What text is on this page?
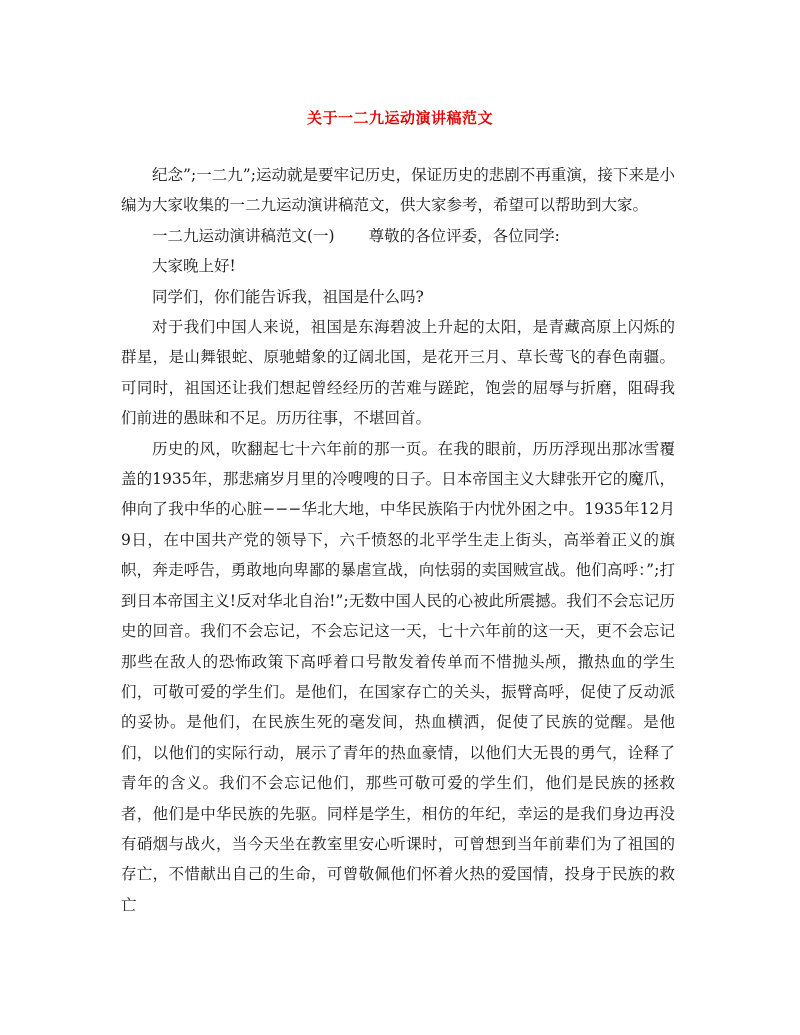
关于一二九运动演讲稿范文

纪念”;一二九”;运动就是要牢记历史，保证历史的悲剧不再重演，接下来是小编为大家收集的一二九运动演讲稿范文，供大家参考，希望可以帮助到大家。

一二九运动演讲稿范文(一) 尊敬的各位评委，各位同学:

大家晚上好!

同学们，你们能告诉我，祖国是什么吗?

对于我们中国人来说，祖国是东海碧波上升起的太阳，是青藏高原上闪烁的群星，是山舞银蛇、原驰蜡象的辽阔北国，是花开三月、草长莺飞的春色南疆。可同时，祖国还让我们想起曾经经历的苦难与蹉跎，饱尝的屈辱与折磨，阻碍我们前进的愚昧和不足。历历往事，不堪回首。

历史的风，吹翻起七十六年前的那一页。在我的眼前，历历浮现出那冰雪覆盖的1935年，那悲痛岁月里的冷嗖嗖的日子。日本帝国主义大肆张开它的魔爪，伸向了我中华的心脏−−−华北大地，中华民族陷于内忧外困之中。1935年12月9日，在中国共产党的领导下，六千愤怒的北平学生走上街头，高举着正义的旗帜，奔走呼告，勇敢地向卑鄙的暴虐宣战，向怯弱的卖国贼宣战。他们高呼：”;打到日本帝国主义!反对华北自治!”;无数中国人民的心被此所震撼。我们不会忘记历史的回音。我们不会忘记，不会忘记这一天，七十六年前的这一天，更不会忘记那些在敌人的恐怖政策下高呼着口号散发着传单而不惜抛头颅，撒热血的学生们，可敬可爱的学生们。是他们，在国家存亡的关头，振臂高呼，促使了反动派的妥协。是他们，在民族生死的毫发间，热血横洒，促使了民族的觉醒。是他们，以他们的实际行动，展示了青年的热血豪情，以他们大无畏的勇气，诠释了青年的含义。我们不会忘记他们，那些可敬可爱的学生们，他们是民族的拯救者，他们是中华民族的先驱。同样是学生，相仿的年纪，幸运的是我们身边再没有硝烟与战火，当今天坐在教室里安心听课时，可曾想到当年前辈们为了祖国的存亡，不惜献出自己的生命，可曾敬佩他们怀着火热的爱国情，投身于民族的救亡
